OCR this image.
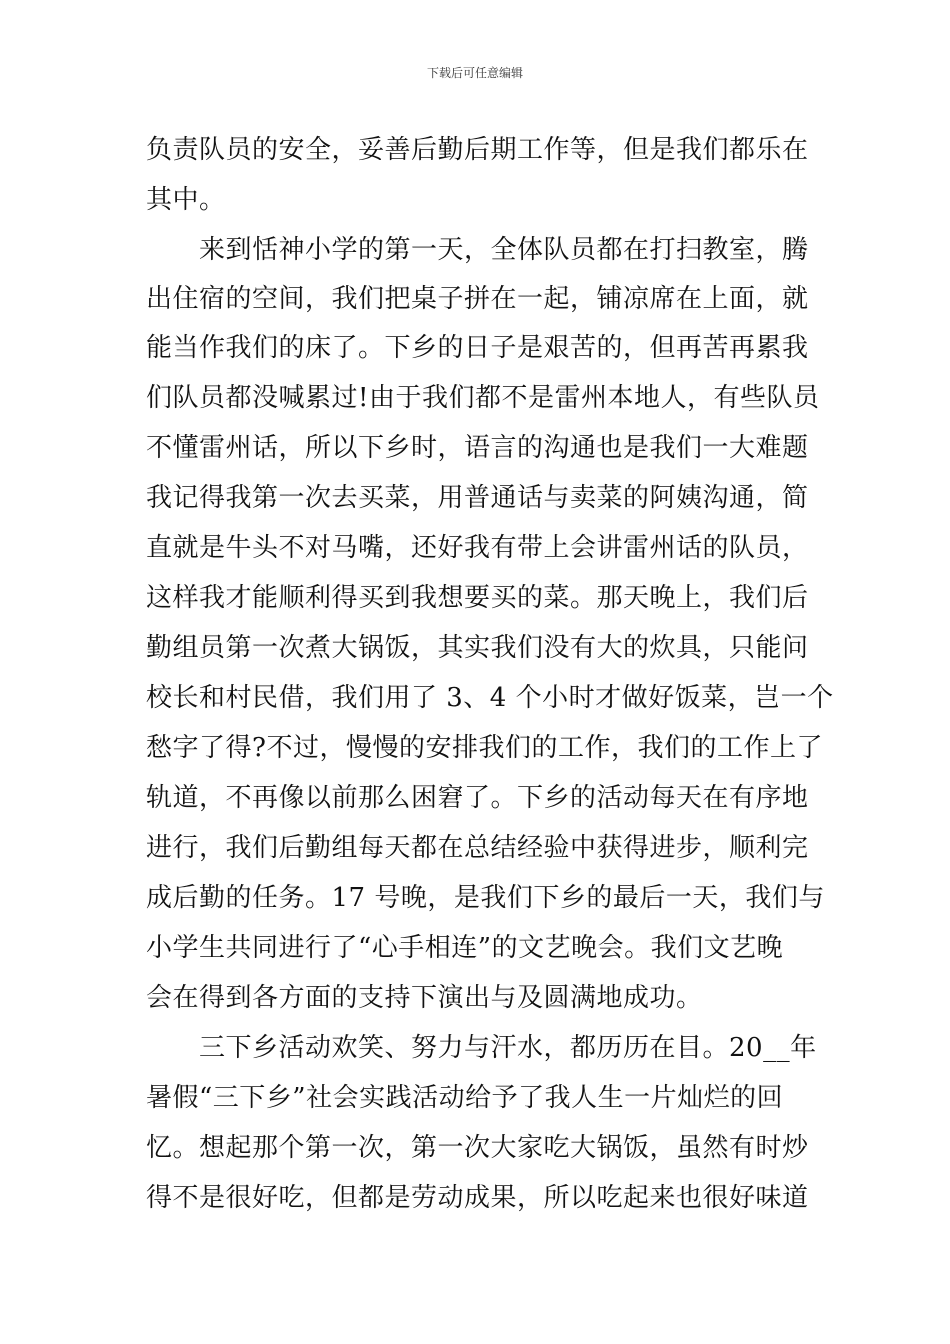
下载后可任意编辑
负责队员的安全，妥善后勤后期工作等，但是我们都乐在
其中。
　　来到恬神小学的第一天，全体队员都在打扫教室，腾
出住宿的空间，我们把桌子拼在一起，铺凉席在上面，就
能当作我们的床了。下乡的日子是艰苦的，但再苦再累我
们队员都没喊累过!由于我们都不是雷州本地人，有些队员
不懂雷州话，所以下乡时，语言的沟通也是我们一大难题
我记得我第一次去买菜，用普通话与卖菜的阿姨沟通，简
直就是牛头不对马嘴，还好我有带上会讲雷州话的队员，
这样我才能顺利得买到我想要买的菜。那天晚上，我们后
勤组员第一次煮大锅饭，其实我们没有大的炊具，只能问
校长和村民借，我们用了 3、4 个小时才做好饭菜，岂一个
愁字了得?不过，慢慢的安排我们的工作，我们的工作上了
轨道，不再像以前那么困窘了。下乡的活动每天在有序地
进行，我们后勤组每天都在总结经验中获得进步，顺利完
成后勤的任务。17 号晚，是我们下乡的最后一天，我们与
小学生共同进行了“心手相连”的文艺晚会。我们文艺晚
会在得到各方面的支持下演出与及圆满地成功。
　　三下乡活动欢笑、努力与汗水，都历历在目。20__年
暑假“三下乡”社会实践活动给予了我人生一片灿烂的回
忆。想起那个第一次，第一次大家吃大锅饭，虽然有时炒
得不是很好吃，但都是劳动成果，所以吃起来也很好味道
